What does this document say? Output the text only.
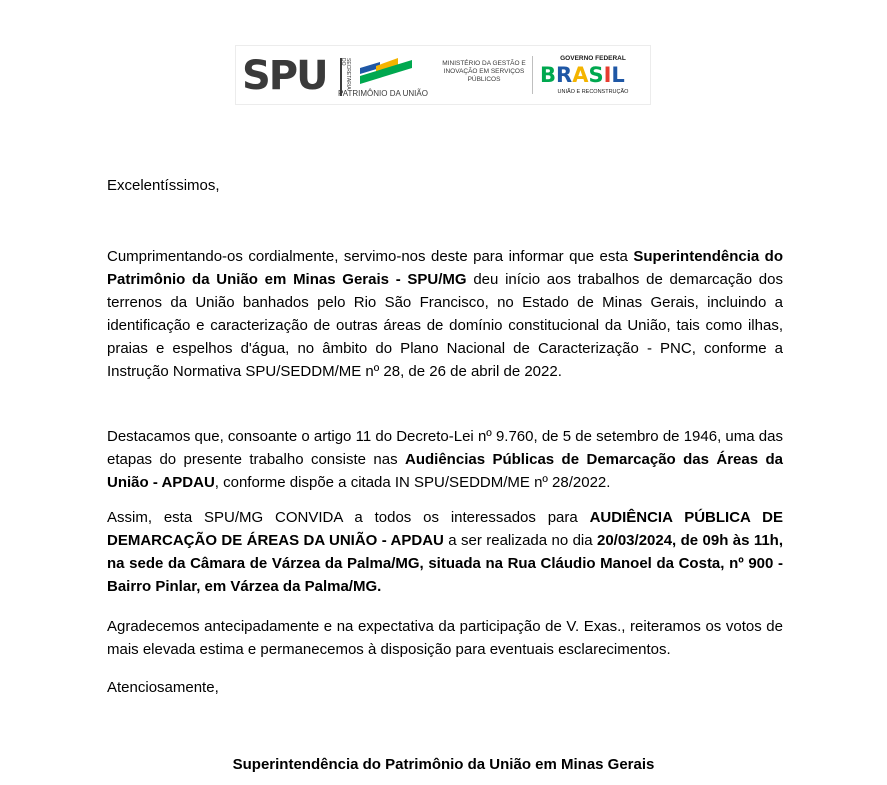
SPU	SECRETARIA DO
PATRIMÔNIO DA UNIÃO
MINISTÉRIO DA GESTÃO E INOVAÇÃO EM SERVIÇOS PÚBLICOS
GOVERNO FEDERAL
B R A S I L
UNIÃO E RECONSTRUÇÃO
Excelentíssimos,
Cumprimentando-os cordialmente, servimo-nos deste para informar que esta Superintendência do Patrimônio da União em Minas Gerais - SPU/MG deu início aos trabalhos de demarcação dos terrenos da União banhados pelo Rio São Francisco, no Estado de Minas Gerais, incluindo a identificação e caracterização de outras áreas de domínio constitucional da União, tais como ilhas, praias e espelhos d'água, no âmbito do Plano Nacional de Caracterização - PNC, conforme a Instrução Normativa SPU/SEDDM/ME nº 28, de 26 de abril de 2022.
Destacamos que, consoante o artigo 11 do Decreto-Lei nº 9.760, de 5 de setembro de 1946, uma das etapas do presente trabalho consiste nas Audiências Públicas de Demarcação das Áreas da União - APDAU, conforme dispõe a citada IN SPU/SEDDM/ME nº 28/2022.
Assim, esta SPU/MG CONVIDA a todos os interessados para AUDIÊNCIA PÚBLICA DE DEMARCAÇÃO DE ÁREAS DA UNIÃO - APDAU a ser realizada no dia 20/03/2024, de 09h às 11h, na sede da Câmara de Várzea da Palma/MG, situada na Rua Cláudio Manoel da Costa, nº 900 - Bairro Pinlar, em Várzea da Palma/MG.
Agradecemos antecipadamente e na expectativa da participação de V. Exas., reiteramos os votos de mais elevada estima e permanecemos à disposição para eventuais esclarecimentos.
Atenciosamente,
Superintendência do Patrimônio da União em Minas Gerais
